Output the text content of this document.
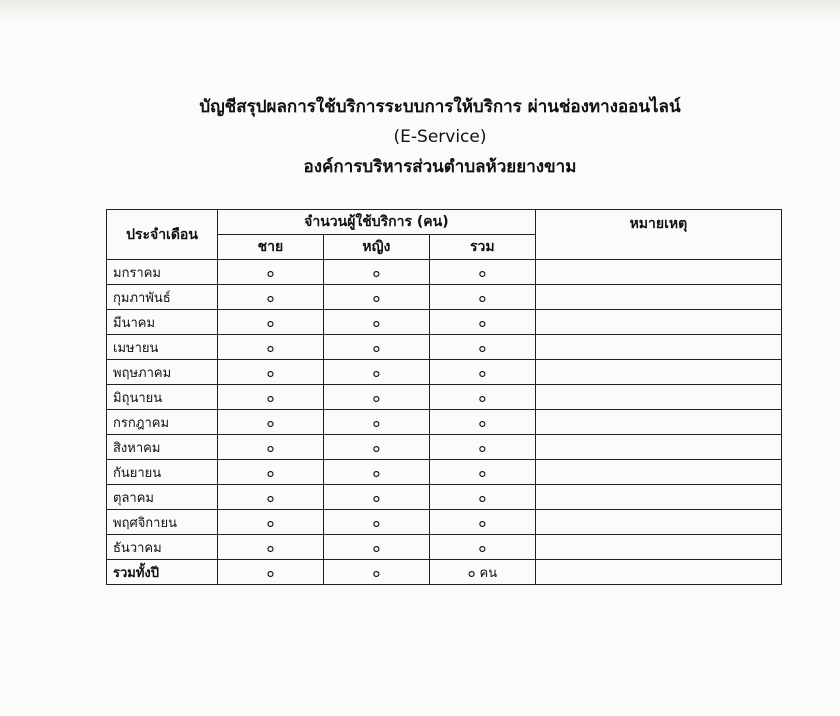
บัญชีสรุปผลการใช้บริการระบบการให้บริการ ผ่านช่องทางออนไลน์
(E-Service)
องค์การบริหารส่วนตำบลห้วยยางขาม
ประจำเดือน	จำนวนผู้ใช้บริการ (คน)			หมายเหตุ
	ชาย	หญิง	รวม	
มกราคม	๐	๐	๐	
กุมภาพันธ์	๐	๐	๐	
มีนาคม	๐	๐	๐	
เมษายน	๐	๐	๐	
พฤษภาคม	๐	๐	๐	
มิถุนายน	๐	๐	๐	
กรกฎาคม	๐	๐	๐	
สิงหาคม	๐	๐	๐	
กันยายน	๐	๐	๐	
ตุลาคม	๐	๐	๐	
พฤศจิกายน	๐	๐	๐	
ธันวาคม	๐	๐	๐	
รวมทั้งปี	๐	๐	๐ คน	
